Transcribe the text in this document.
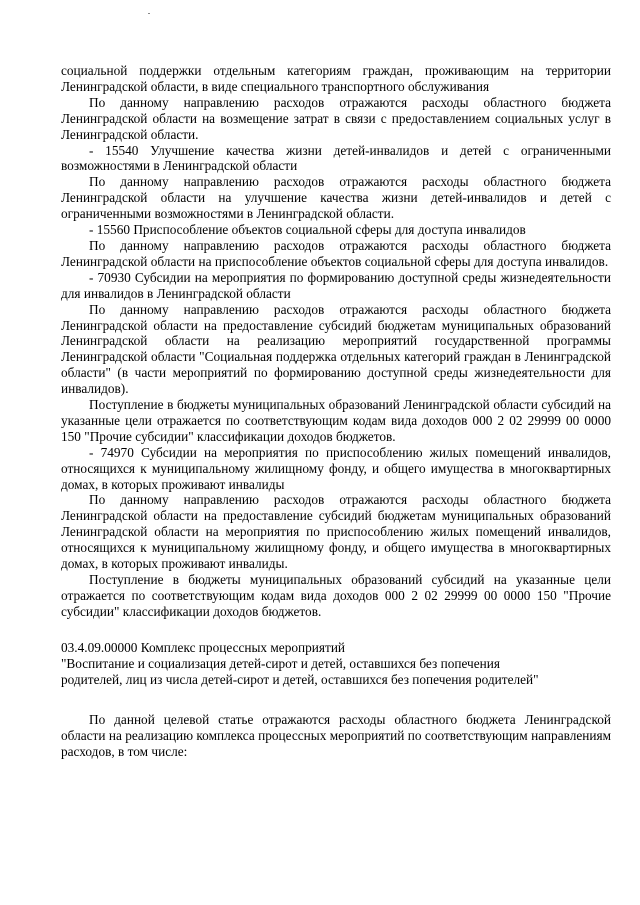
социальной поддержки отдельным категориям граждан, проживающим на территории Ленинградской области, в виде специального транспортного обслуживания

По данному направлению расходов отражаются расходы областного бюджета Ленинградской области на возмещение затрат в связи с предоставлением социальных услуг в Ленинградской области.

- 15540 Улучшение качества жизни детей-инвалидов и детей с ограниченными возможностями в Ленинградской области

По данному направлению расходов отражаются расходы областного бюджета Ленинградской области на улучшение качества жизни детей-инвалидов и детей с ограниченными возможностями в Ленинградской области.

- 15560 Приспособление объектов социальной сферы для доступа инвалидов

По данному направлению расходов отражаются расходы областного бюджета Ленинградской области на приспособление объектов социальной сферы для доступа инвалидов.

- 70930 Субсидии на мероприятия по формированию доступной среды жизнедеятельности для инвалидов в Ленинградской области

По данному направлению расходов отражаются расходы областного бюджета Ленинградской области на предоставление субсидий бюджетам муниципальных образований Ленинградской области на реализацию мероприятий государственной программы Ленинградской области "Социальная поддержка отдельных категорий граждан в Ленинградской области" (в части мероприятий по формированию доступной среды жизнедеятельности для инвалидов).

Поступление в бюджеты муниципальных образований Ленинградской области субсидий на указанные цели отражается по соответствующим кодам вида доходов 000 2 02 29999 00 0000 150 "Прочие субсидии" классификации доходов бюджетов.

- 74970 Субсидии на мероприятия по приспособлению жилых помещений инвалидов, относящихся к муниципальному жилищному фонду, и общего имущества в многоквартирных домах, в которых проживают инвалиды

По данному направлению расходов отражаются расходы областного бюджета Ленинградской области на предоставление субсидий бюджетам муниципальных образований Ленинградской области на мероприятия по приспособлению жилых помещений инвалидов, относящихся к муниципальному жилищному фонду, и общего имущества в многоквартирных домах, в которых проживают инвалиды.

Поступление в бюджеты муниципальных образований субсидий на указанные цели отражается по соответствующим кодам вида доходов 000 2 02 29999 00 0000 150 "Прочие субсидии" классификации доходов бюджетов.

03.4.09.00000 Комплекс процессных мероприятий

"Воспитание и социализация детей-сирот и детей, оставшихся без попечения

родителей, лиц из числа детей-сирот и детей, оставшихся без попечения родителей"

По данной целевой статье отражаются расходы областного бюджета Ленинградской области на реализацию комплекса процессных мероприятий по соответствующим направлениям расходов, в том числе:
